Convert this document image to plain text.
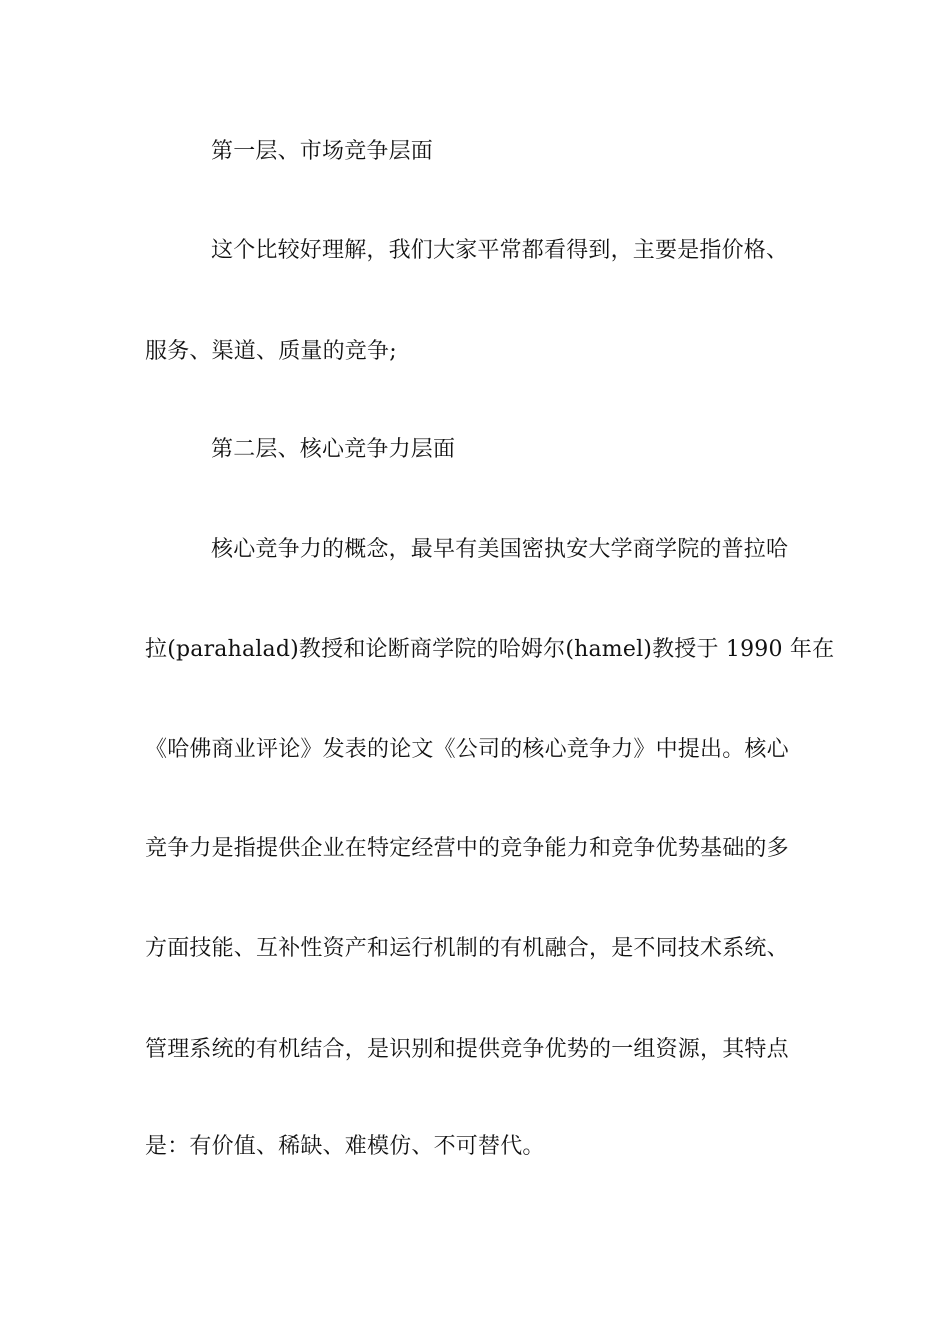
第一层、市场竞争层面
这个比较好理解，我们大家平常都看得到，主要是指价格、
服务、渠道、质量的竞争;
第二层、核心竞争力层面
核心竞争力的概念，最早有美国密执安大学商学院的普拉哈
拉(parahalad)教授和论断商学院的哈姆尔(hamel)教授于 1990 年在
《哈佛商业评论》发表的论文《公司的核心竞争力》中提出。核心
竞争力是指提供企业在特定经营中的竞争能力和竞争优势基础的多
方面技能、互补性资产和运行机制的有机融合，是不同技术系统、
管理系统的有机结合，是识别和提供竞争优势的一组资源，其特点
是：有价值、稀缺、难模仿、不可替代。
